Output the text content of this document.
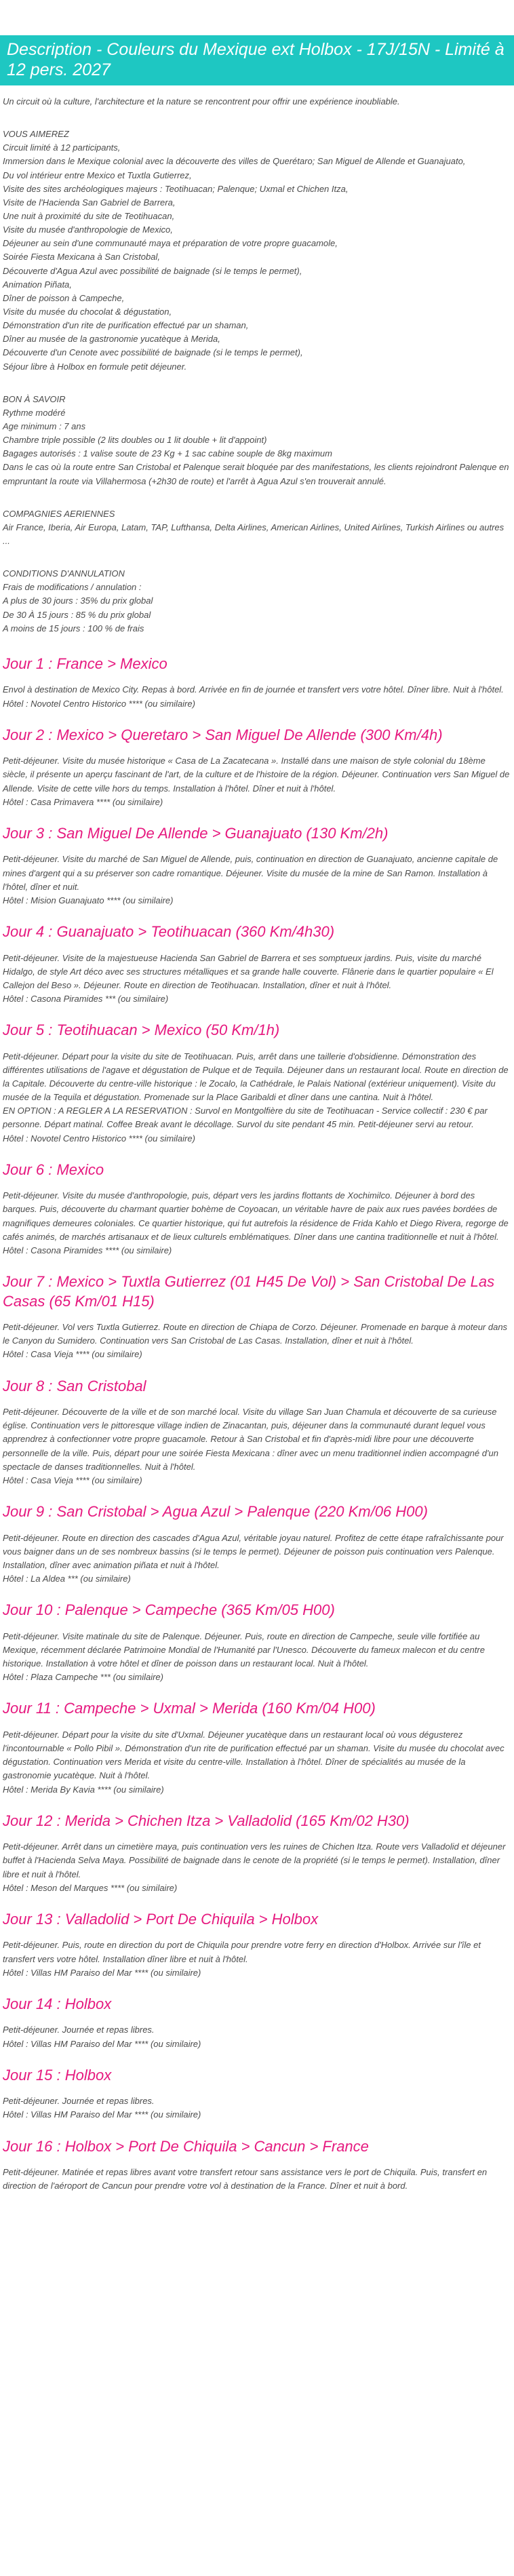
Description - Couleurs du Mexique ext Holbox - 17J/15N - Limité à 12 pers. 2027

Un circuit où la culture, l'architecture et la nature se rencontrent pour offrir une expérience inoubliable.

VOUS AIMEREZ

Circuit limité à 12 participants,

Immersion dans le Mexique colonial avec la découverte des villes de Querétaro; San Miguel de Allende et Guanajuato,

Du vol intérieur entre Mexico et Tuxtla Gutierrez,

Visite des sites archéologiques majeurs : Teotihuacan; Palenque; Uxmal et Chichen Itza,

Visite de l'Hacienda San Gabriel de Barrera,

Une nuit à proximité du site de Teotihuacan,

Visite du musée d'anthropologie de Mexico,

Déjeuner au sein d'une communauté maya et préparation de votre propre guacamole,

Soirée Fiesta Mexicana à San Cristobal,

Découverte d'Agua Azul avec possibilité de baignade (si le temps le permet),

Animation Piñata,

Dîner de poisson à Campeche,

Visite du musée du chocolat & dégustation,

Démonstration d'un rite de purification effectué par un shaman,

Dîner au musée de la gastronomie yucatèque à Merida,

Découverte d'un Cenote avec possibilité de baignade (si le temps le permet),

Séjour libre à Holbox en formule petit déjeuner.

BON À SAVOIR

Rythme modéré

Age minimum : 7 ans

Chambre triple possible (2 lits doubles ou 1 lit double + lit d'appoint)

Bagages autorisés : 1 valise soute de 23 Kg + 1 sac cabine souple de 8kg maximum

Dans le cas où la route entre San Cristobal et Palenque serait bloquée par des manifestations, les clients rejoindront Palenque en empruntant la route via Villahermosa (+2h30 de route) et l'arrêt à Agua Azul s'en trouverait annulé.

COMPAGNIES AERIENNES

Air France, Iberia, Air Europa, Latam, TAP, Lufthansa, Delta Airlines, American Airlines, United Airlines, Turkish Airlines ou autres ...

CONDITIONS D'ANNULATION

Frais de modifications / annulation :

A plus de 30 jours : 35% du prix global

De 30 À 15 jours : 85 % du prix global

A moins de 15 jours : 100 % de frais

Jour 1 : France > Mexico

Envol à destination de Mexico City. Repas à bord. Arrivée en fin de journée et transfert vers votre hôtel. Dîner libre. Nuit à l'hôtel.

Hôtel : Novotel Centro Historico **** (ou similaire)

Jour 2 : Mexico > Queretaro > San Miguel De Allende (300 Km/4h)

Petit-déjeuner. Visite du musée historique « Casa de La Zacatecana ». Installé dans une maison de style colonial du 18ème siècle, il présente un aperçu fascinant de l'art, de la culture et de l'histoire de la région. Déjeuner. Continuation vers San Miguel de Allende. Visite de cette ville hors du temps. Installation à l'hôtel. Dîner et nuit à l'hôtel.

Hôtel : Casa Primavera **** (ou similaire)

Jour 3 : San Miguel De Allende > Guanajuato (130 Km/2h)

Petit-déjeuner. Visite du marché de San Miguel de Allende, puis, continuation en direction de Guanajuato, ancienne capitale de mines d'argent qui a su préserver son cadre romantique. Déjeuner. Visite du musée de la mine de San Ramon. Installation à l'hôtel, dîner et nuit.

Hôtel : Mision Guanajuato **** (ou similaire)

Jour 4 : Guanajuato > Teotihuacan (360 Km/4h30)

Petit-déjeuner. Visite de la majestueuse Hacienda San Gabriel de Barrera et ses somptueux jardins. Puis, visite du marché Hidalgo, de style Art déco avec ses structures métalliques et sa grande halle couverte. Flânerie dans le quartier populaire « El Callejon del Beso ». Déjeuner. Route en direction de Teotihuacan. Installation, dîner et nuit à l'hôtel.

Hôtel : Casona Piramides *** (ou similaire)

Jour 5 : Teotihuacan > Mexico (50 Km/1h)

Petit-déjeuner. Départ pour la visite du site de Teotihuacan. Puis, arrêt dans une taillerie d'obsidienne. Démonstration des différentes utilisations de l'agave et dégustation de Pulque et de Tequila. Déjeuner dans un restaurant local. Route en direction de la Capitale. Découverte du centre-ville historique : le Zocalo, la Cathédrale, le Palais National (extérieur uniquement). Visite du musée de la Tequila et dégustation. Promenade sur la Place Garibaldi et dîner dans une cantina. Nuit à l'hôtel.
EN OPTION : A REGLER A LA RESERVATION : Survol en Montgolfière du site de Teotihuacan - Service collectif : 230 € par personne. Départ matinal. Coffee Break avant le décollage. Survol du site pendant 45 min. Petit-déjeuner servi au retour.

Hôtel : Novotel Centro Historico **** (ou similaire)

Jour 6 : Mexico

Petit-déjeuner. Visite du musée d'anthropologie, puis, départ vers les jardins flottants de Xochimilco. Déjeuner à bord des barques. Puis, découverte du charmant quartier bohème de Coyoacan, un véritable havre de paix aux rues pavées bordées de magnifiques demeures coloniales. Ce quartier historique, qui fut autrefois la résidence de Frida Kahlo et Diego Rivera, regorge de cafés animés, de marchés artisanaux et de lieux culturels emblématiques. Dîner dans une cantina traditionnelle et nuit à l'hôtel.

Hôtel : Casona Piramides **** (ou similaire)

Jour 7 : Mexico > Tuxtla Gutierrez (01 H45 De Vol) > San Cristobal De Las Casas (65 Km/01 H15)

Petit-déjeuner. Vol vers Tuxtla Gutierrez. Route en direction de Chiapa de Corzo. Déjeuner. Promenade en barque à moteur dans le Canyon du Sumidero. Continuation vers San Cristobal de Las Casas. Installation, dîner et nuit à l'hôtel.

Hôtel : Casa Vieja **** (ou similaire)

Jour 8 : San Cristobal

Petit-déjeuner. Découverte de la ville et de son marché local. Visite du village San Juan Chamula et découverte de sa curieuse église. Continuation vers le pittoresque village indien de Zinacantan, puis, déjeuner dans la communauté durant lequel vous apprendrez à confectionner votre propre guacamole. Retour à San Cristobal et fin d'après-midi libre pour une découverte personnelle de la ville. Puis, départ pour une soirée Fiesta Mexicana : dîner avec un menu traditionnel indien accompagné d'un spectacle de danses traditionnelles. Nuit à l'hôtel.

Hôtel : Casa Vieja **** (ou similaire)

Jour 9 : San Cristobal > Agua Azul > Palenque (220 Km/06 H00)

Petit-déjeuner. Route en direction des cascades d'Agua Azul, véritable joyau naturel. Profitez de cette étape rafraîchissante pour vous baigner dans un de ses nombreux bassins (si le temps le permet). Déjeuner de poisson puis continuation vers Palenque. Installation, dîner avec animation piñata et nuit à l'hôtel.

Hôtel : La Aldea *** (ou similaire)

Jour 10 : Palenque > Campeche (365 Km/05 H00)

Petit-déjeuner. Visite matinale du site de Palenque. Déjeuner. Puis, route en direction de Campeche, seule ville fortifiée au Mexique, récemment déclarée Patrimoine Mondial de l'Humanité par l'Unesco. Découverte du fameux malecon et du centre historique. Installation à votre hôtel et dîner de poisson dans un restaurant local. Nuit à l'hôtel.

Hôtel : Plaza Campeche *** (ou similaire)

Jour 11 : Campeche > Uxmal > Merida (160 Km/04 H00)

Petit-déjeuner. Départ pour la visite du site d'Uxmal. Déjeuner yucatèque dans un restaurant local où vous dégusterez l'incontournable « Pollo Pibil ». Démonstration d'un rite de purification effectué par un shaman. Visite du musée du chocolat avec dégustation. Continuation vers Merida et visite du centre-ville. Installation à l'hôtel. Dîner de spécialités au musée de la gastronomie yucatèque. Nuit à l'hôtel.

Hôtel : Merida By Kavia **** (ou similaire)

Jour 12 : Merida > Chichen Itza > Valladolid (165 Km/02 H30)

Petit-déjeuner. Arrêt dans un cimetière maya, puis continuation vers les ruines de Chichen Itza. Route vers Valladolid et déjeuner buffet à l'Hacienda Selva Maya. Possibilité de baignade dans le cenote de la propriété (si le temps le permet). Installation, dîner libre et nuit à l'hôtel.

Hôtel : Meson del Marques **** (ou similaire)

Jour 13 : Valladolid > Port De Chiquila > Holbox

Petit-déjeuner. Puis, route en direction du port de Chiquila pour prendre votre ferry en direction d'Holbox. Arrivée sur l'île et transfert vers votre hôtel. Installation dîner libre et nuit à l'hôtel.

Hôtel : Villas HM Paraiso del Mar **** (ou similaire)

Jour 14 : Holbox

Petit-déjeuner. Journée et repas libres.

Hôtel : Villas HM Paraiso del Mar **** (ou similaire)

Jour 15 : Holbox

Petit-déjeuner. Journée et repas libres.

Hôtel : Villas HM Paraiso del Mar **** (ou similaire)

Jour 16 : Holbox > Port De Chiquila > Cancun > France

Petit-déjeuner. Matinée et repas libres avant votre transfert retour sans assistance vers le port de Chiquila. Puis, transfert en direction de l'aéroport de Cancun pour prendre votre vol à destination de la France. Dîner et nuit à bord.
